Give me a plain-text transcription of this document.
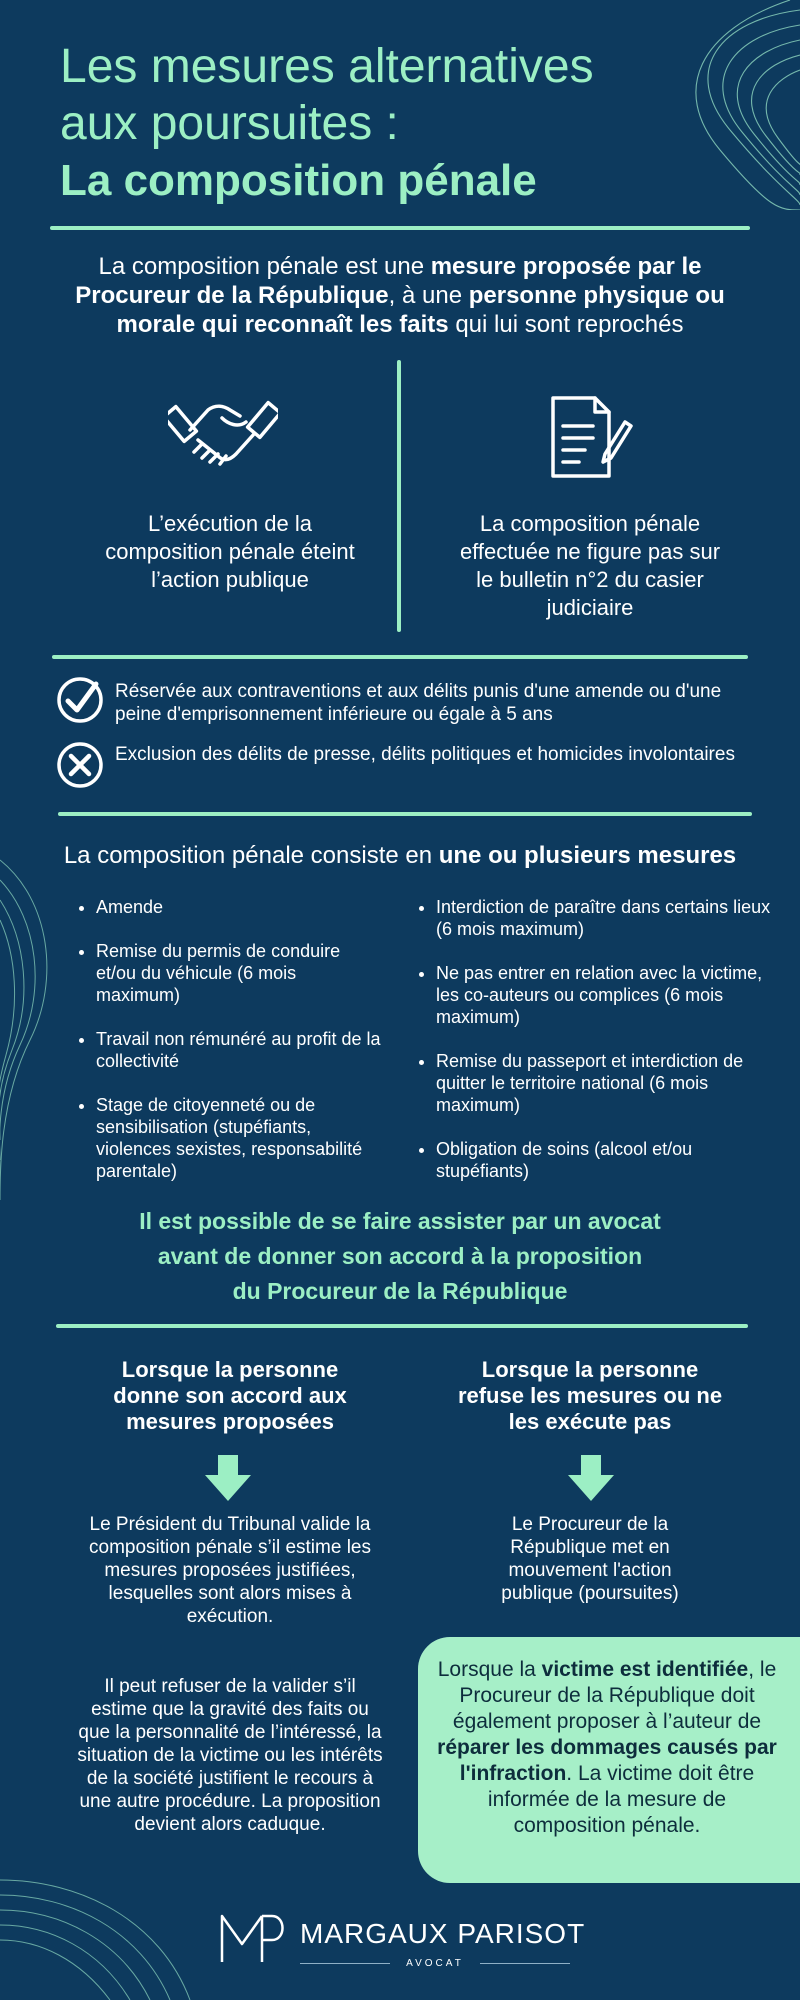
Les mesures alternatives
aux poursuites :
La composition pénale
La composition pénale est une mesure proposée par le Procureur de la République, à une personne physique ou morale qui reconnaît les faits qui lui sont reprochés
L’exécution de la composition pénale éteint l’action publique
La composition pénale effectuée ne figure pas sur le bulletin n°2 du casier judiciaire
Réservée aux contraventions et aux délits punis d'une amende ou d'une peine d'emprisonnement inférieure ou égale à 5 ans
Exclusion des délits de presse, délits politiques et homicides involontaires
La composition pénale consiste en une ou plusieurs mesures
• Amende
• Remise du permis de conduire et/ou du véhicule (6 mois maximum)
• Travail non rémunéré au profit de la collectivité
• Stage de citoyenneté ou de sensibilisation (stupéfiants, violences sexistes, responsabilité parentale)
• Interdiction de paraître dans certains lieux (6 mois maximum)
• Ne pas entrer en relation avec la victime, les co-auteurs ou complices (6 mois maximum)
• Remise du passeport et interdiction de quitter le territoire national (6 mois maximum)
• Obligation de soins (alcool et/ou stupéfiants)
Il est possible de se faire assister par un avocat
avant de donner son accord à la proposition
du Procureur de la République
Lorsque la personne donne son accord aux mesures proposées
Le Président du Tribunal valide la composition pénale s’il estime les mesures proposées justifiées, lesquelles sont alors mises à exécution.
Il peut refuser de la valider s’il estime que la gravité des faits ou que la personnalité de l’intéressé, la situation de la victime ou les intérêts de la société justifient le recours à une autre procédure. La proposition devient alors caduque.
Lorsque la personne refuse les mesures ou ne les exécute pas
Le Procureur de la République met en mouvement l'action publique (poursuites)
Lorsque la victime est identifiée, le Procureur de la République doit également proposer à l’auteur de réparer les dommages causés par l'infraction. La victime doit être informée de la mesure de composition pénale.
MARGAUX PARISOT
AVOCAT
